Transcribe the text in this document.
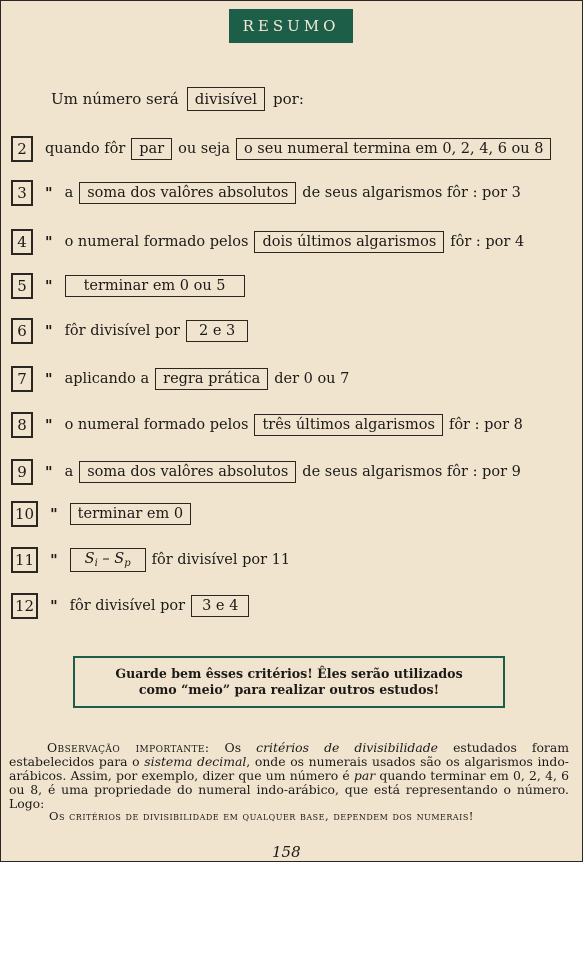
RESUMO
Um número será	divisível	por:
2	quando fôr par ou seja o seu numeral termina em 0, 2, 4, 6 ou 8
3	" a soma dos valôres absolutos de seus algarismos fôr : por 3
4	" o numeral formado pelos dois últimos algarismos fôr : por 4
5	"	terminar em 0 ou 5
6	" fôr divisível por	2 e 3
7	" aplicando a regra prática der 0 ou 7
8	" o numeral formado pelos três últimos algarismos fôr : por 8
9	" a soma dos valôres absolutos de seus algarismos fôr : por 9
10 "	terminar em 0
11 "	$S_i - S_p$	fôr divisível por 11
12 " fôr divisível por	3 e 4
Guarde bem êsses critérios! Êles serão utilizados
como “meio” para realizar outros estudos!
Observação importante: Os critérios de divisibilidade estudados foram estabelecidos para o sistema decimal, onde os numerais usados são os algarismos indo-arábicos. Assim, por exemplo, dizer que um número é par quando terminar em 0, 2, 4, 6 ou 8, é uma propriedade do numeral indo-arábico, que está representando o número. Logo:
Os critérios de divisibilidade em qualquer base, dependem dos numerais!
158
